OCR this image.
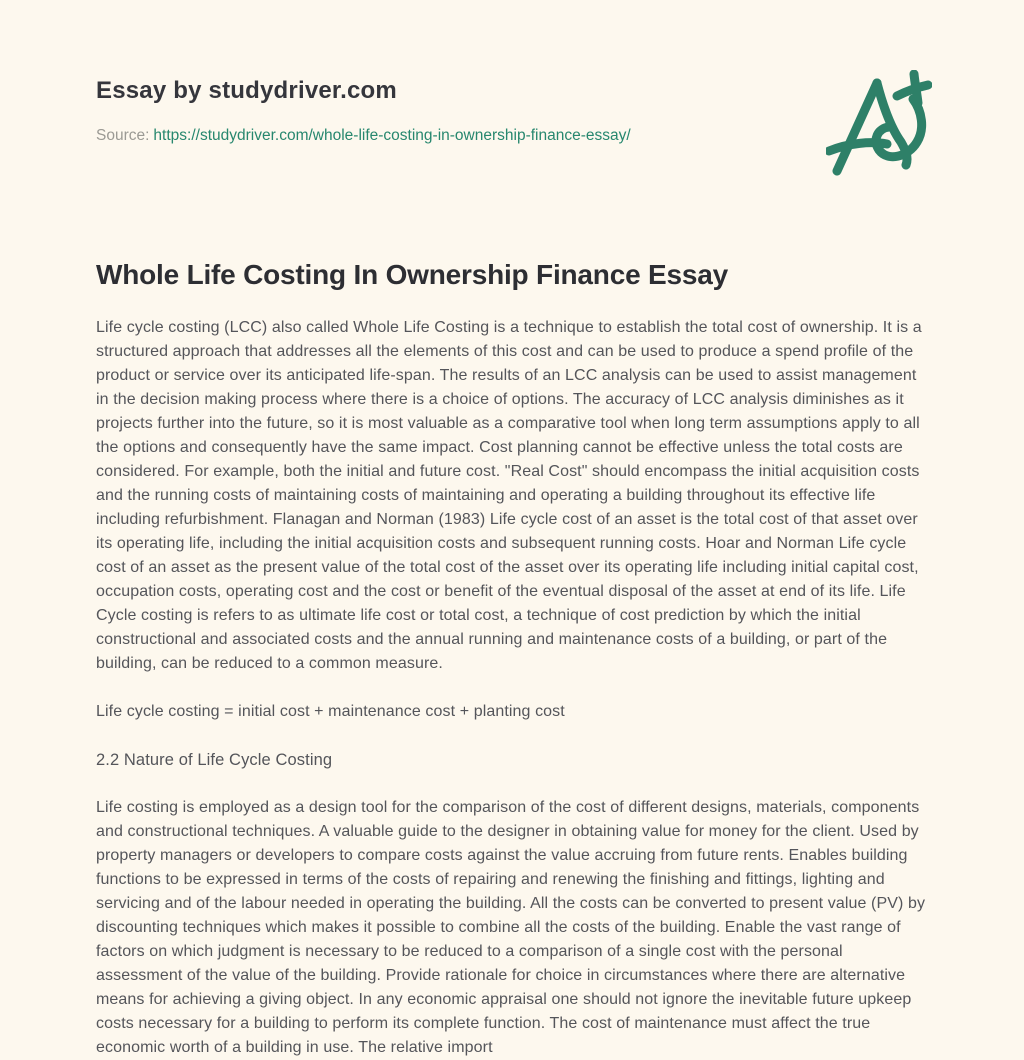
Essay by studydriver.com
Source: https://studydriver.com/whole-life-costing-in-ownership-finance-essay/
Whole Life Costing In Ownership Finance Essay

Life cycle costing (LCC) also called Whole Life Costing is a technique to establish the total cost of ownership. It is a structured approach that addresses all the elements of this cost and can be used to produce a spend profile of the product or service over its anticipated life-span. The results of an LCC analysis can be used to assist management in the decision making process where there is a choice of options. The accuracy of LCC analysis diminishes as it projects further into the future, so it is most valuable as a comparative tool when long term assumptions apply to all the options and consequently have the same impact. Cost planning cannot be effective unless the total costs are considered. For example, both the initial and future cost. "Real Cost" should encompass the initial acquisition costs and the running costs of maintaining costs of maintaining and operating a building throughout its effective life including refurbishment. Flanagan and Norman (1983) Life cycle cost of an asset is the total cost of that asset over its operating life, including the initial acquisition costs and subsequent running costs. Hoar and Norman Life cycle cost of an asset as the present value of the total cost of the asset over its operating life including initial capital cost, occupation costs, operating cost and the cost or benefit of the eventual disposal of the asset at end of its life. Life Cycle costing is refers to as ultimate life cost or total cost, a technique of cost prediction by which the initial constructional and associated costs and the annual running and maintenance costs of a building, or part of the building, can be reduced to a common measure.

Life cycle costing = initial cost + maintenance cost + planting cost

2.2 Nature of Life Cycle Costing

Life costing is employed as a design tool for the comparison of the cost of different designs, materials, components and constructional techniques. A valuable guide to the designer in obtaining value for money for the client. Used by property managers or developers to compare costs against the value accruing from future rents. Enables building functions to be expressed in terms of the costs of repairing and renewing the finishing and fittings, lighting and servicing and of the labour needed in operating the building. All the costs can be converted to present value (PV) by discounting techniques which makes it possible to combine all the costs of the building. Enable the vast range of factors on which judgment is necessary to be reduced to a comparison of a single cost with the personal assessment of the value of the building. Provide rationale for choice in circumstances where there are alternative means for achieving a giving object. In any economic appraisal one should not ignore the inevitable future upkeep costs necessary for a building to perform its complete function. The cost of maintenance must affect the true economic worth of a building in use. The relative import
